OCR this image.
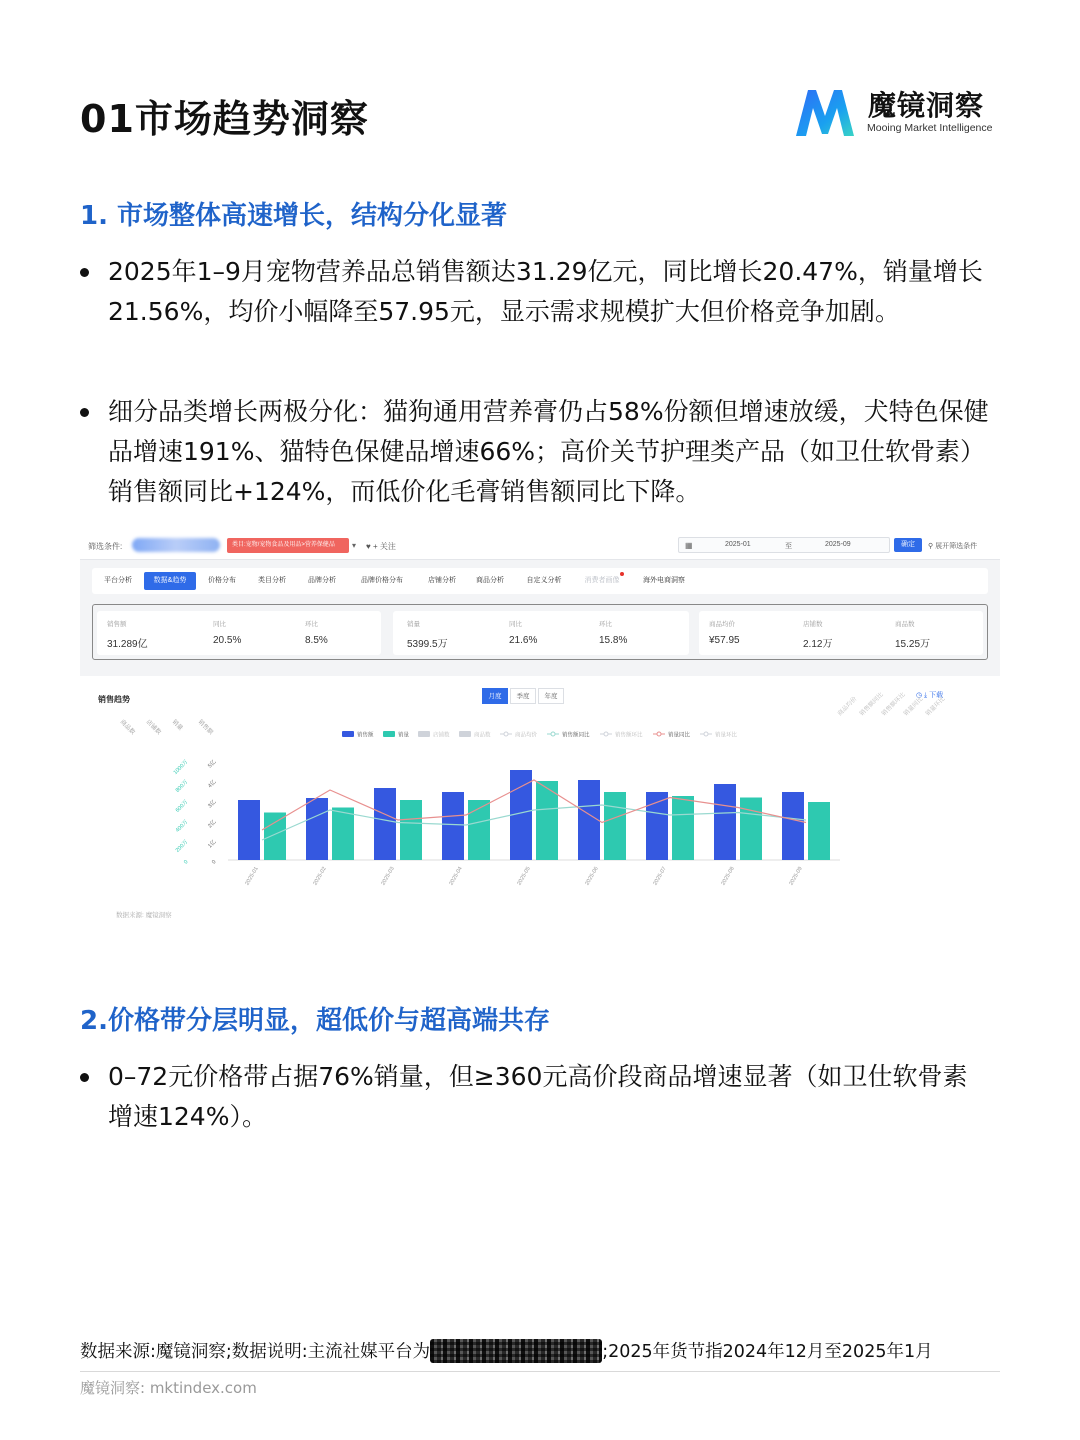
01市场趋势洞察	魔镜洞察
Mooing Market Intelligence
1. 市场整体高速增长，结构分化显著
2025年1–9月宠物营养品总销售额达31.29亿元，同比增长20.47%，销量增长21.56%，均价小幅降至57.95元，显示需求规模扩大但价格竞争加剧。
细分品类增长两极分化：猫狗通用营养膏仍占58%份额但增速放缓，犬特色保健品增速191%、猫特色保健品增速66%；高价关节护理类产品（如卫仕软骨素）销售额同比+124%，而低价化毛膏销售额同比下降。
筛选条件:	类目:宠物/宠物食品及用品>营养保健品	▾ ♥ + 关注	▦	2025-01	至	2025-09	确定	⚲ 展开筛选条件
平台分析	数据&趋势	价格分布	类目分析	品牌分析	品牌价格分布	店铺分析	商品分析	自定义分析	消费者画像	海外电商洞察
销售额
31.289亿
同比
20.5%
环比
8.5%
销量
5399.5万
同比
21.6%
环比
15.8%
商品均价
¥57.95
店铺数
2.12万
商品数
15.25万
销售趋势	月度	季度	年度	◷ ⤓ 下载
商品数 店铺数 销量 销售额
商品均价 销售额同比
销售额环比
销量同比 销量环比
0
1亿
2亿
3亿
4亿
5亿
0
200万
400万
600万
800万
1000万
2025-01	2025-02	2025-03	2025-04	2025-05	2025-06	2025-07	2025-08	2025-09
销售额	销量	店铺数	商品数	商品均价	销售额同比	销售额环比	销量同比	销量环比
数据来源: 魔镜洞察
2.价格带分层明显，超低价与超高端共存
0–72元价格带占据76%销量，但≥360元高价段商品增速显著（如卫仕软骨素增速124%）。
数据来源:魔镜洞察;数据说明:主流社媒平台为	;2025年货节指2024年12月至2025年1月
魔镜洞察: mktindex.com
